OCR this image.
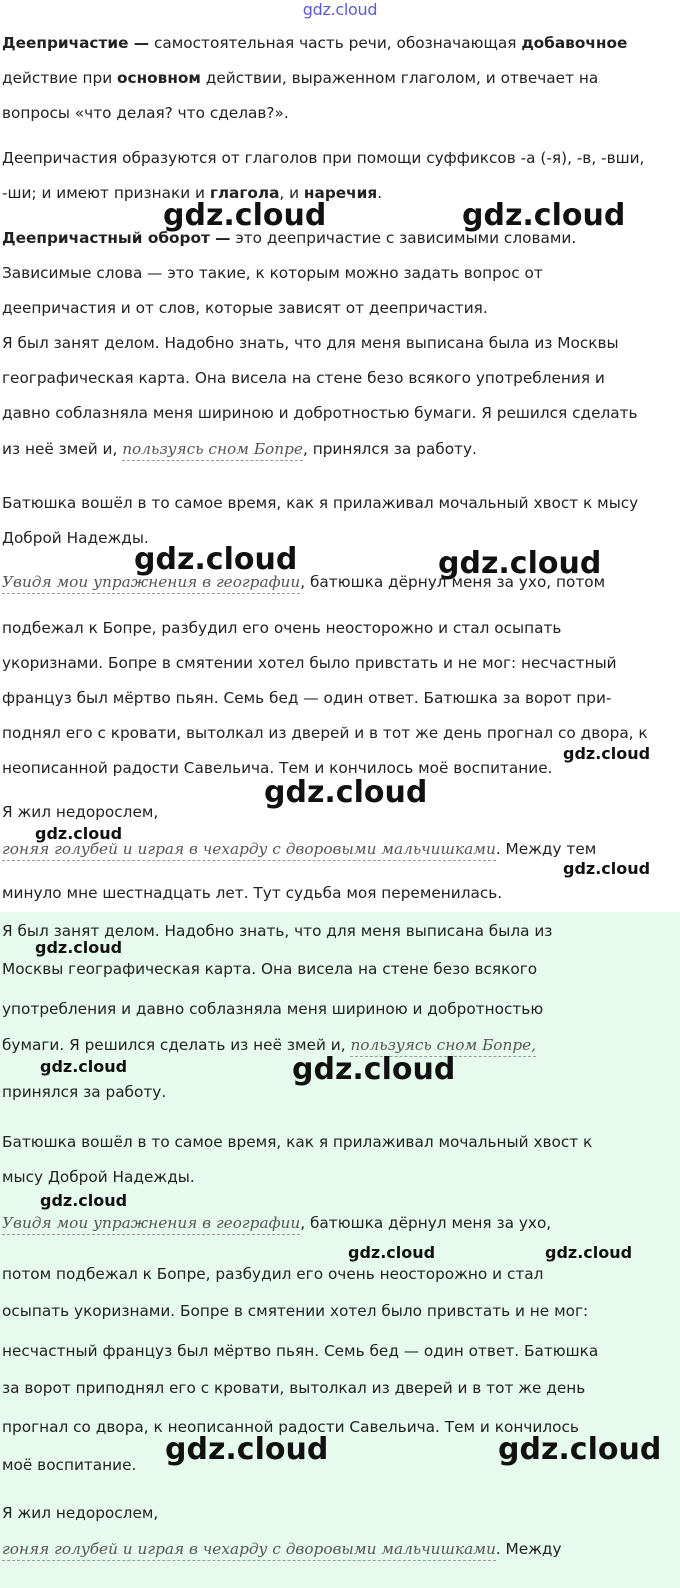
gdz.cloud
Деепричастие — самостоятельная часть речи, обозначающая добавочное
действие при основном действии, выраженном глаголом, и отвечает на
вопросы «что делая? что сделав?».
Деепричастия образуются от глаголов при помощи суффиксов -а (-я), -в, -вши,
-ши; и имеют признаки и глагола, и наречия.
Деепричастный оборот — это деепричастие с зависимыми словами.
Зависимые слова — это такие, к которым можно задать вопрос от
деепричастия и от слов, которые зависят от деепричастия.
Я был занят делом. Надобно знать, что для меня выписана была из Москвы
географическая карта. Она висела на стене безо всякого употребления и
давно соблазняла меня шириною и добротностью бумаги. Я решился сделать
из неё змей и, пользуясь сном Бопре, принялся за работу.
Батюшка вошёл в то самое время, как я прилаживал мочальный хвост к мысу
Доброй Надежды.
Увидя мои упражнения в географии, батюшка дёрнул меня за ухо, потом
подбежал к Бопре, разбудил его очень неосторожно и стал осыпать
укоризнами. Бопре в смятении хотел было привстать и не мог: несчастный
француз был мёртво пьян. Семь бед — один ответ. Батюшка за ворот при-
поднял его с кровати, вытолкал из дверей и в тот же день прогнал со двора, к
неописанной радости Савельича. Тем и кончилось моё воспитание.
Я жил недорослем,
гоняя голубей и играя в чехарду с дворовыми мальчишками. Между тем
минуло мне шестнадцать лет. Тут судьба моя переменилась.
Я был занят делом. Надобно знать, что для меня выписана была из
Москвы географическая карта. Она висела на стене безо всякого
употребления и давно соблазняла меня шириною и добротностью
бумаги. Я решился сделать из неё змей и, пользуясь сном Бопре,
принялся за работу.
Батюшка вошёл в то самое время, как я прилаживал мочальный хвост к
мысу Доброй Надежды.
Увидя мои упражнения в географии, батюшка дёрнул меня за ухо,
потом подбежал к Бопре, разбудил его очень неосторожно и стал
осыпать укоризнами. Бопре в смятении хотел было привстать и не мог:
несчастный француз был мёртво пьян. Семь бед — один ответ. Батюшка
за ворот приподнял его с кровати, вытолкал из дверей и в тот же день
прогнал со двора, к неописанной радости Савельича. Тем и кончилось
моё воспитание.
Я жил недорослем,
гоняя голубей и играя в чехарду с дворовыми мальчишками. Между
gdz.cloud	gdz.cloud
gdz.cloud	gdz.cloud
gdz.cloud
gdz.cloud
gdz.cloud
gdz.cloud
gdz.cloud
gdz.cloud	gdz.cloud
gdz.cloud
gdz.cloud	gdz.cloud
gdz.cloud	gdz.cloud
